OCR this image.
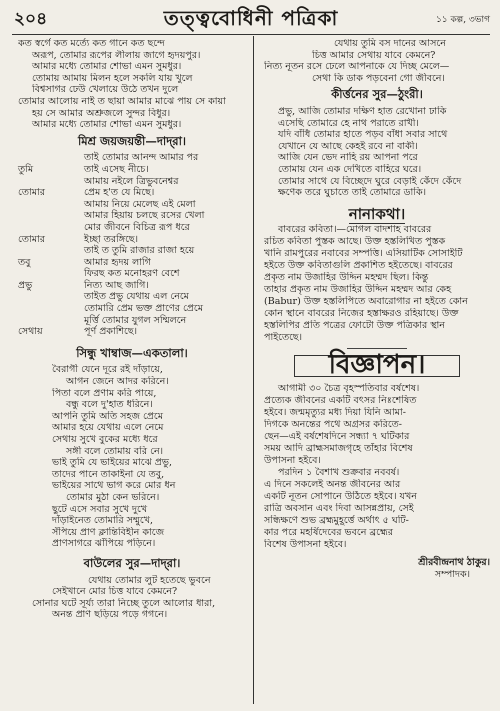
২০৪	তত্ত্ববোধিনী পত্রিকা	১১ কল্প, ৩ভাগ
কত স্বর্গে কত মর্ত্যে কত গানে কত ছন্দে
অরূপ, তোমার রূপের লীলায় জাগে হৃদয়পুর।
আমার মধ্যে তোমার শোভা এমন সুমধুর।
তোমায় আমায় মিলন হলে সকলি যায় খুলে
বিশ্বসাগর ঢেউ খেলায়ে উঠে তখন দুলে
তোমার আলোয় নাই ত ছায়া আমার মাঝে পায় সে কায়া
হয় সে আমার অশ্রুজলে সুন্দর বিধুর।
আমার মধ্যে তোমার শোভা এমন সুমধুর।
মিশ্র জয়জয়ন্তী—দাদ্‌রা।
তাই তোমার আনন্দ আমার পর
তুমি	তাই এসেছ নীচে।
আমায় নইলে ত্রিভুবনেশ্বর
তোমার	প্রেম হ'ত যে মিছে।
আমায় নিয়ে মেলেছ এই মেলা
আমার হিয়ায় চলছে রসের খেলা
মোর জীবনে বিচিত্র রূপ ধরে
তোমার	ইচ্ছা তরঙ্গিছে।
তাই ত তুমি রাজার রাজা হয়ে
তবু	আমার হৃদয় লাগি
ফিরছ কত মনোহরণ বেশে
প্রভু	নিত্য আছ জাগি।
তাইত প্রভু যেথায় এল নেমে
তোমারি প্রেম ভক্ত প্রাণের প্রেমে
মূর্ত্তি তোমার যুগল সম্মিলনে
সেথায়	পূর্ণ প্রকাশিছে।
সিন্ধু খাম্বাজ—একতালা।
বৈরাগী যেনে দূরে রই দাঁড়ায়ে,
আগন জেনে আদর করিনে।
পিতা বলে প্রণাম করি পায়ে,
বন্ধু বলে দু'হাত ধরিনে।
আপনি তুমি অতি সহজ প্রেমে
আমার হয়ে যেথায় এলে নেমে
সেথায় সুখে বুকের মধ্যে ধরে
সঙ্গী বলে তোমায় বরি নে।
ভাই তুমি যে ভাইয়ের মাঝে প্রভু,
তাদের পানে তাকাইনা যে তবু,
ভাইয়ের সাথে ভাগ করে মোর ধন
তোমার মুঠা কেন ভরিনে।
ছুটে এসে সবার সুখে দুখে
দাঁড়াইনেত তোমারি সম্মুখে,
সঁপিয়ে প্রাণ ক্লান্তিবিহীন কাজে
প্রাণসাগরে ঝাঁপিয়ে পড়িনে।
বাউলের সুর—দাদ্‌রা।
যেথায় তোমার লুট হতেছে ভুবনে
সেইখানে মোর চিত্ত যাবে কেমনে?
সোনার ঘটে সূর্য্য তারা নিচ্ছে তুলে আলোর ধারা,
অনন্ত প্রাণ ছড়িয়ে পড়ে গগনে।
যেথায় তুমি বস দানের আসনে
চিত্ত আমার সেথায় যাবে কেমনে?
নিত্য নূতন রসে ঢেলে আপনাকে যে দিচ্ছ মেলে—
সেথা কি ডাক পড়বেনা গো জীবনে।
কীর্ত্তনের সুর—ঠুংরী।
প্রভু, আজি তোমার দক্ষিণ হাত রেখোনা ঢাকি
এসেছি তোমারে হে নাথ পরাতে রাখী।
যদি বাঁধি তোমার হাতে পড়ব বাঁধা সবার সাথে
যেখানে যে আছে কেহই রবে না বাকী।
আজি যেন ভেদ নাহি রয় আপনা পরে
তোমায় যেন এক দেখিতে বাহিরে ঘরে।
তোমার সাথে যে বিচ্ছেদে ঘুরে বেড়াই কেঁদে কেঁদে
ক্ষণেক তরে ঘুচাতে তাই তোমারে ডাকি।
নানাকথা।
বাবরের কবিতা।—মোগল বাদশাহ বাবরের
রচিত কবিতা পুস্তক আছে। উক্ত হস্তলিখিত পুস্তক
খানি রামপুরের নবাবের সম্পত্তি। এসিয়াটিক সোসাইটি
হইতে উক্ত কবিতাগুলি প্রকাশিত হইতেছে। বাবরের
প্রকৃত নাম উজাহির উদ্দিন মহম্মদ ছিল। কিন্তু
তাহার প্রকৃত নাম উজাহির উদ্দিন মহম্মদ আর কেহ
(Babur) উক্ত হস্তলিপিতে অবারোগার না হইতে কোন
কোন স্থানে বাবরের নিজের হস্তাক্ষরও রহিয়াছে। উক্ত
হস্তলিপির প্রতি পত্রের ফোটো উক্ত পত্রিকার স্থান
পাইতেছে।
বিজ্ঞাপন।
আগামী ৩০ চৈত্র বৃহস্পতিবার বর্ষশেষ।
প্রত্যেক জীবনের একটি বৎসর নিঃশেষিত
হইবে। জন্মমৃত্যুর মধ্য দিয়া যিনি আমা-
দিগকে অনন্তের পথে অগ্রসর করিতে-
ছেন—এই বর্ষশেষদিনে সন্ধ্যা ৭ ঘটিকার
সময় আদি ব্রাহ্মসমাজগৃহে তাঁহার বিশেষ
উপাসনা হইবে।
পরদিন ১ বৈশাখ শুক্রবার নববর্ষ।
এ দিনে সকলেই অনন্ত জীবনের আর
একটি নূতন সোপানে উঠিতে হইবে। যখন
রাত্রি অবসান এবং দিবা আসন্নপ্রায়, সেই
সন্ধিক্ষণে শুভ ব্রহ্মমুহূর্ত্তে অর্থাৎ ৫ ঘটি-
কার পরে মহর্ষিদেবের ভবনে ব্রহ্মের
বিশেষ উপাসনা হইবে।
শ্রীরবীন্দ্রনাথ ঠাকুর।
সম্পাদক।
